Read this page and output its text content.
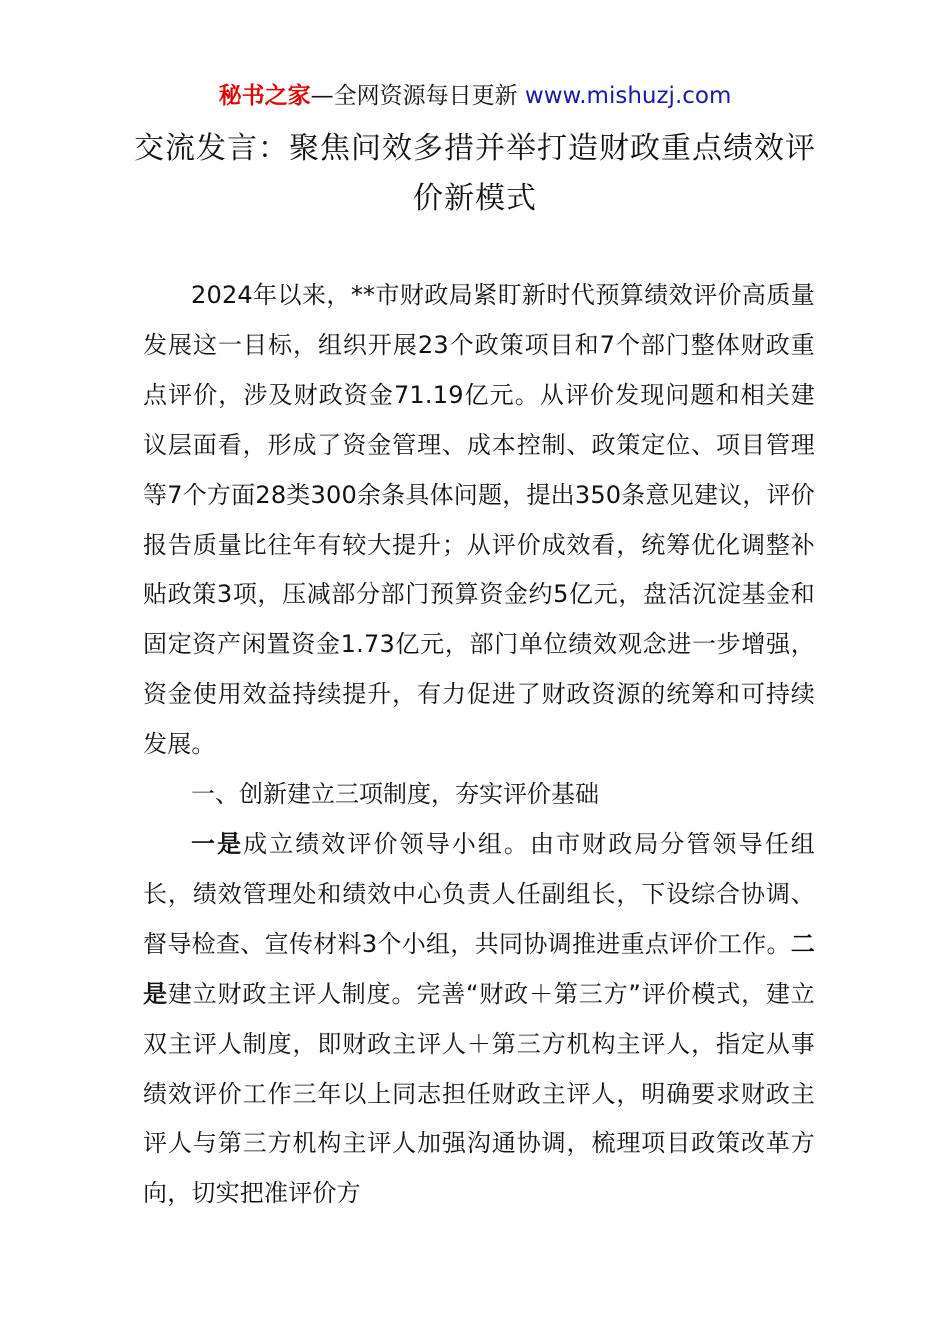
秘书之家—全网资源每日更新 www.mishuzj.com
交流发言：聚焦问效多措并举打造财政重点绩效评价新模式

2024年以来，**市财政局紧盯新时代预算绩效评价高质量发展这一目标，组织开展23个政策项目和7个部门整体财政重点评价，涉及财政资金71.19亿元。从评价发现问题和相关建议层面看，形成了资金管理、成本控制、政策定位、项目管理等7个方面28类300余条具体问题，提出350条意见建议，评价报告质量比往年有较大提升；从评价成效看，统筹优化调整补贴政策3项，压减部分部门预算资金约5亿元，盘活沉淀基金和固定资产闲置资金1.73亿元，部门单位绩效观念进一步增强，资金使用效益持续提升，有力促进了财政资源的统筹和可持续发展。

一、创新建立三项制度，夯实评价基础

一是成立绩效评价领导小组。由市财政局分管领导任组长，绩效管理处和绩效中心负责人任副组长，下设综合协调、督导检查、宣传材料3个小组，共同协调推进重点评价工作。二是建立财政主评人制度。完善“财政＋第三方”评价模式，建立双主评人制度，即财政主评人＋第三方机构主评人，指定从事绩效评价工作三年以上同志担任财政主评人，明确要求财政主评人与第三方机构主评人加强沟通协调，梳理项目政策改革方向，切实把准评价方
